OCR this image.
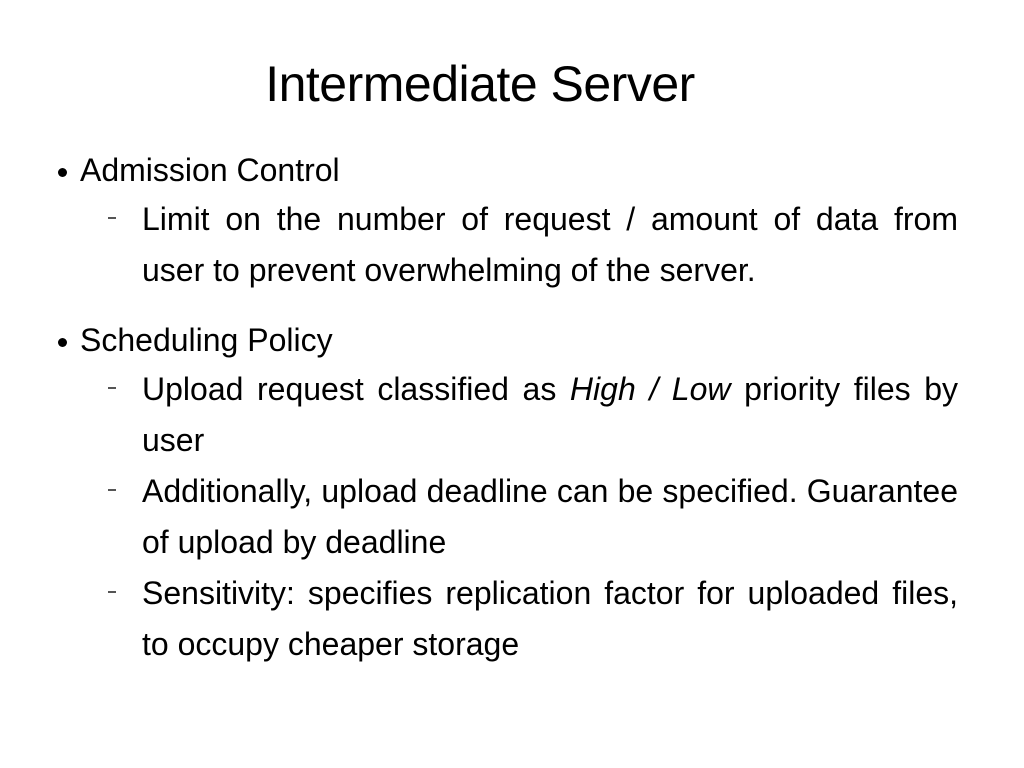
Intermediate Server
Admission Control
Limit on the number of request / amount of data from user to prevent overwhelming of the server.
Scheduling Policy
Upload request classified as High / Low priority files by user
Additionally, upload deadline can be specified. Guarantee of upload by deadline
Sensitivity: specifies replication factor for uploaded files, to occupy cheaper storage
